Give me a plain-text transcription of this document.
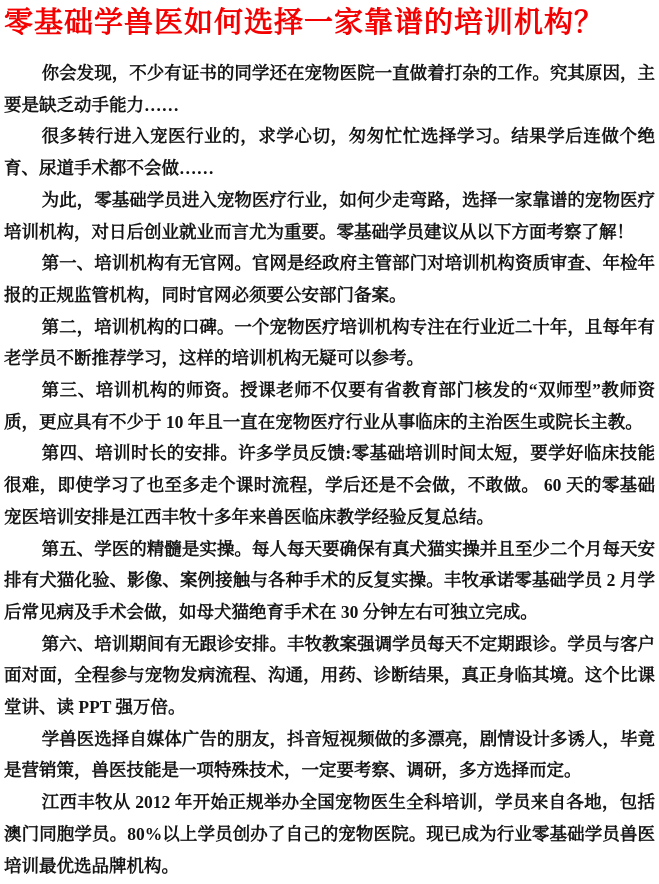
零基础学兽医如何选择一家靠谱的培训机构？

你会发现，不少有证书的同学还在宠物医院一直做着打杂的工作。究其原因，主要是缺乏动手能力……

很多转行进入宠医行业的，求学心切，匆匆忙忙选择学习。结果学后连做个绝育、尿道手术都不会做……

为此，零基础学员进入宠物医疗行业，如何少走弯路，选择一家靠谱的宠物医疗培训机构，对日后创业就业而言尤为重要。零基础学员建议从以下方面考察了解！

第一、培训机构有无官网。官网是经政府主管部门对培训机构资质审查、年检年报的正规监管机构，同时官网必须要公安部门备案。

第二，培训机构的口碑。一个宠物医疗培训机构专注在行业近二十年，且每年有老学员不断推荐学习，这样的培训机构无疑可以参考。

第三、培训机构的师资。授课老师不仅要有省教育部门核发的“双师型”教师资质，更应具有不少于 10 年且一直在宠物医疗行业从事临床的主治医生或院长主教。

第四、培训时长的安排。许多学员反馈:零基础培训时间太短，要学好临床技能很难，即使学习了也至多走个课时流程，学后还是不会做，不敢做。 60 天的零基础宠医培训安排是江西丰牧十多年来兽医临床教学经验反复总结。

第五、学医的精髓是实操。每人每天要确保有真犬猫实操并且至少二个月每天安排有犬猫化验、影像、案例接触与各种手术的反复实操。丰牧承诺零基础学员 2 月学后常见病及手术会做，如母犬猫绝育手术在 30 分钟左右可独立完成。

第六、培训期间有无跟诊安排。丰牧教案强调学员每天不定期跟诊。学员与客户面对面，全程参与宠物发病流程、沟通，用药、诊断结果，真正身临其境。这个比课堂讲、读 PPT 强万倍。

学兽医选择自媒体广告的朋友，抖音短视频做的多漂亮，剧情设计多诱人，毕竟是营销策，兽医技能是一项特殊技术，一定要考察、调研，多方选择而定。

江西丰牧从 2012 年开始正规举办全国宠物医生全科培训，学员来自各地，包括澳门同胞学员。80%以上学员创办了自己的宠物医院。现已成为行业零基础学员兽医培训最优选品牌机构。
